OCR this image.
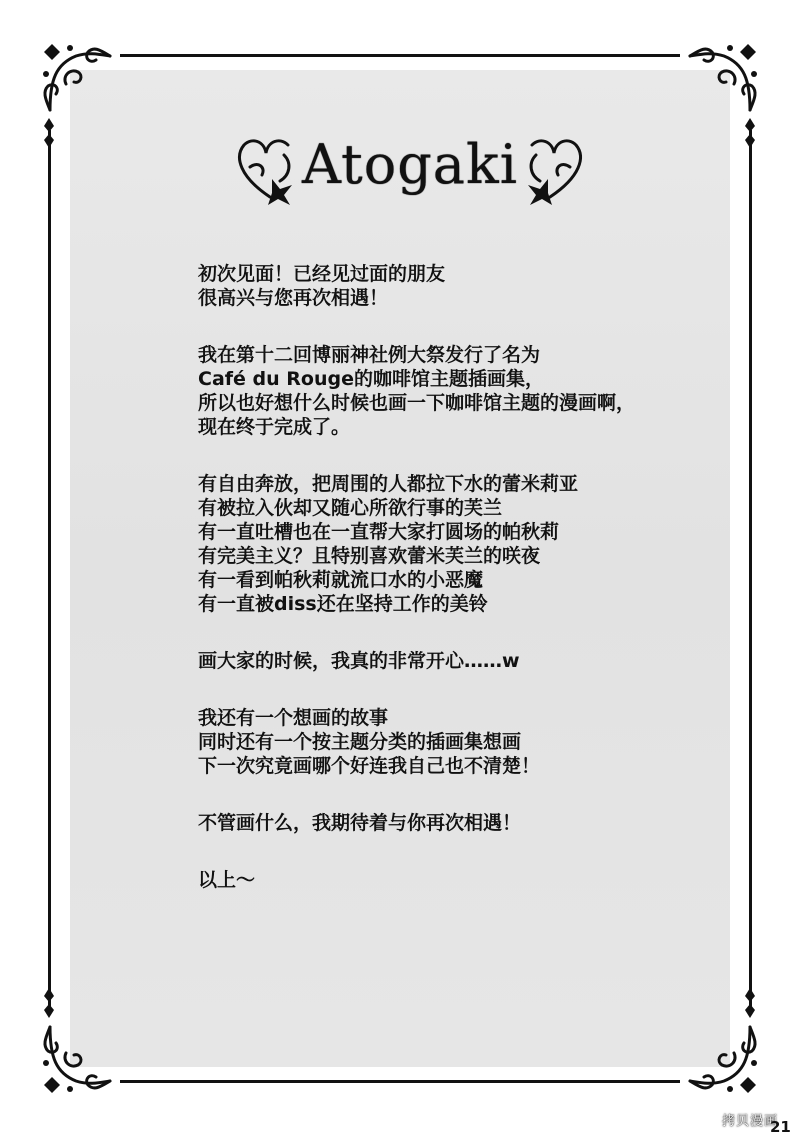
Atogaki
初次见面！已经见过面的朋友
很高兴与您再次相遇！
我在第十二回博丽神社例大祭发行了名为
Café du Rouge的咖啡馆主题插画集，
所以也好想什么时候也画一下咖啡馆主题的漫画啊，
现在终于完成了。
有自由奔放，把周围的人都拉下水的蕾米莉亚
有被拉入伙却又随心所欲行事的芙兰
有一直吐槽也在一直帮大家打圆场的帕秋莉
有完美主义？且特别喜欢蕾米芙兰的咲夜
有一看到帕秋莉就流口水的小恶魔
有一直被diss还在坚持工作的美铃
画大家的时候，我真的非常开心……w
我还有一个想画的故事
同时还有一个按主题分类的插画集想画
下一次究竟画哪个好连我自己也不清楚！
不管画什么，我期待着与你再次相遇！
以上～
拷贝漫画
21
